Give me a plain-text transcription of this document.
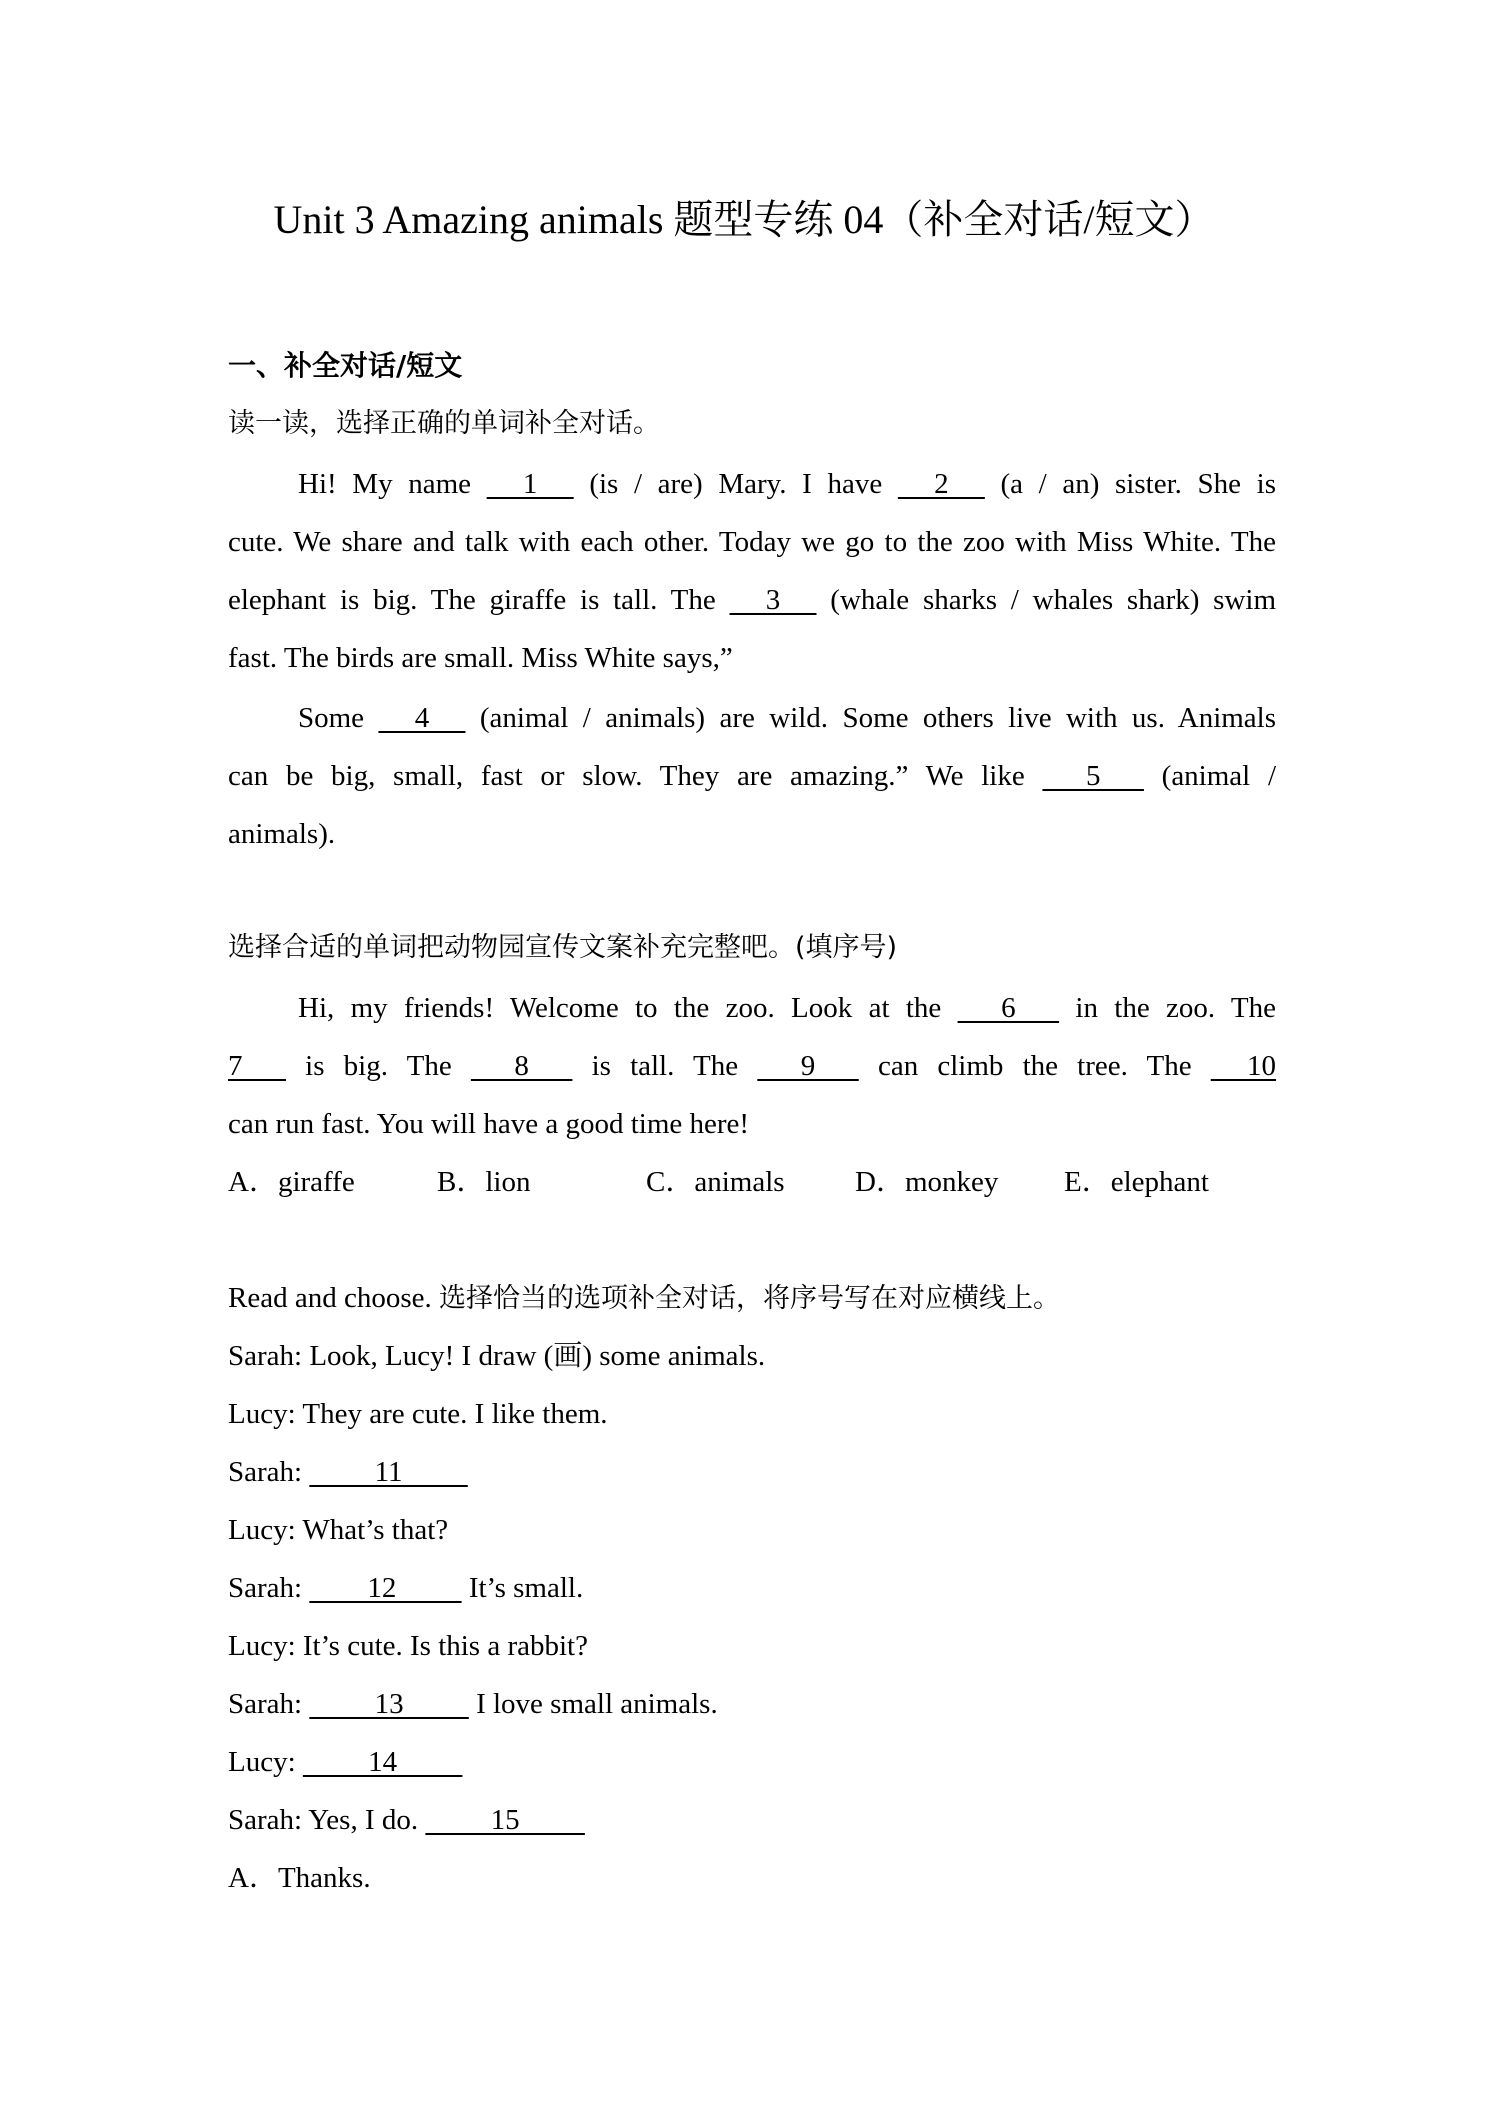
Unit 3 Amazing animals 题型专练 04（补全对话/短文）
一、补全对话/短文
读一读，选择正确的单词补全对话。
Hi! My name      1      (is / are) Mary. I have      2      (a / an) sister. She is
cute. We share and talk with each other. Today we go to the zoo with Miss White. The
elephant is big. The giraffe is tall. The      3      (whale sharks / whales shark) swim
fast. The birds are small. Miss White says,”
Some      4      (animal / animals) are wild. Some others live with us. Animals
can be big, small, fast or slow. They are amazing.” We like       5       (animal /
animals).
选择合适的单词把动物园宣传文案补充完整吧。(填序号)
Hi, my friends! Welcome to the zoo. Look at the       6       in the zoo. The
7       is big. The       8       is tall. The       9       can climb the tree. The      10
can run fast. You will have a good time here!
A．giraffe	B．lion	C．animals D．monkey E．elephant
Read and choose. 选择恰当的选项补全对话，将序号写在对应横线上。
Sarah: Look, Lucy! I draw (画) some animals.
Lucy: They are cute. I like them.
Sarah:          11
Lucy: What’s that?
Sarah:         12          It’s small.
Lucy: It’s cute. Is this a rabbit?
Sarah:          13          I love small animals.
Lucy:          14
Sarah: Yes, I do.          15
A．Thanks.
